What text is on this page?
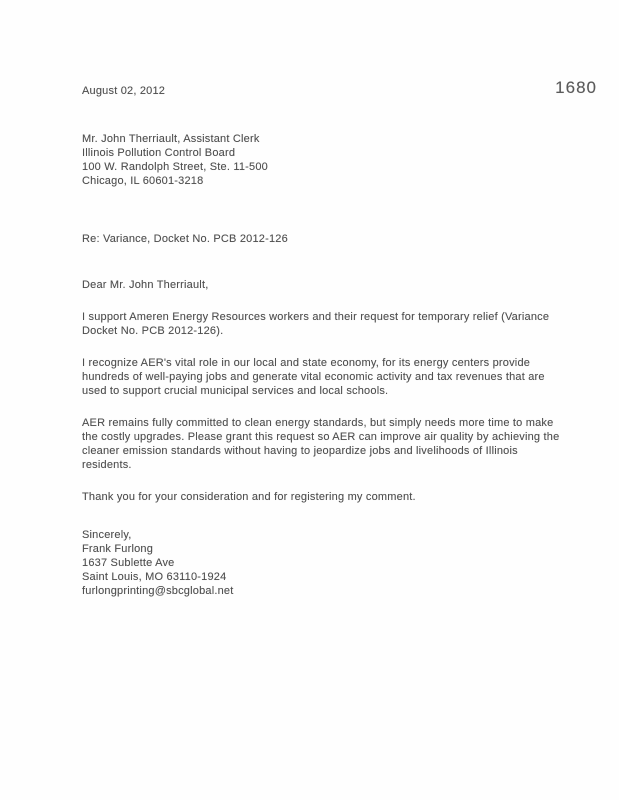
1680

August 02, 2012

Mr. John Therriault, Assistant Clerk

Illinois Pollution Control Board

100 W. Randolph Street, Ste. 11-500

Chicago, IL 60601-3218

Re: Variance, Docket No. PCB 2012-126

Dear Mr. John Therriault,

I support Ameren Energy Resources workers and their request for temporary relief (Variance Docket No. PCB 2012-126).

I recognize AER's vital role in our local and state economy, for its energy centers provide hundreds of well-paying jobs and generate vital economic activity and tax revenues that are used to support crucial municipal services and local schools.

AER remains fully committed to clean energy standards, but simply needs more time to make the costly upgrades. Please grant this request so AER can improve air quality by achieving the cleaner emission standards without having to jeopardize jobs and livelihoods of Illinois residents.

Thank you for your consideration and for registering my comment.

Sincerely,

Frank Furlong

1637 Sublette Ave

Saint Louis, MO 63110-1924

furlongprinting@sbcglobal.net
